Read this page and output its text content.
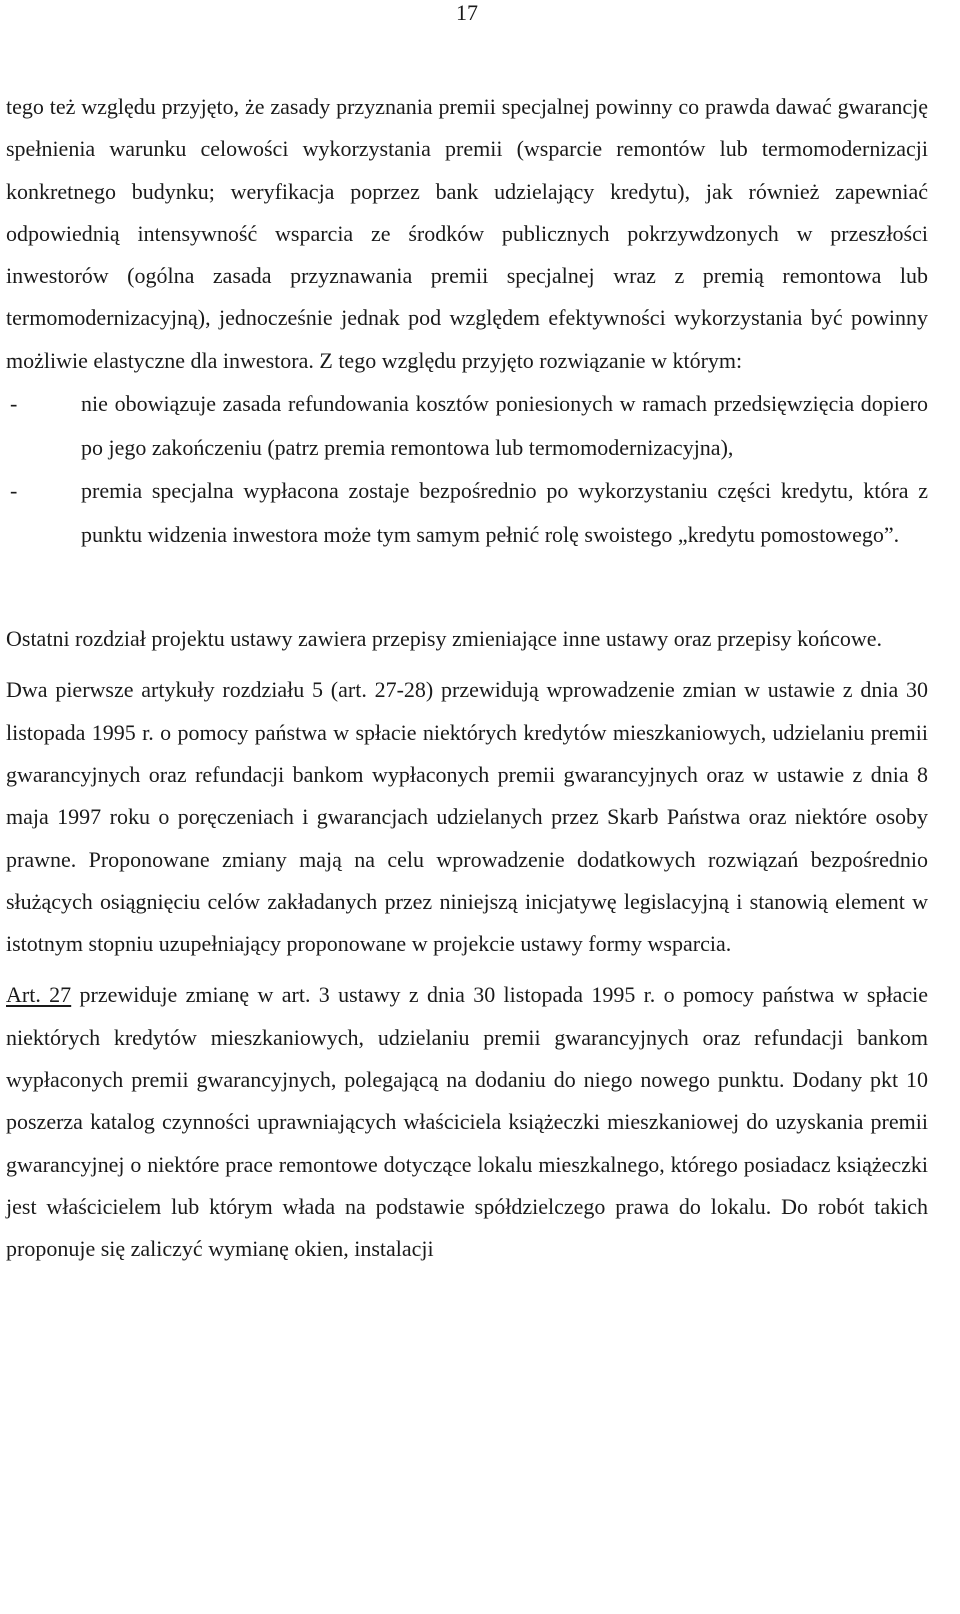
17

tego też względu przyjęto, że zasady przyznania premii specjalnej powinny co prawda dawać gwarancję spełnienia warunku celowości wykorzystania premii (wsparcie remontów lub termomodernizacji konkretnego budynku; weryfikacja poprzez bank udzielający kredytu), jak również zapewniać odpowiednią intensywność wsparcia ze środków publicznych pokrzywdzonych w przeszłości inwestorów (ogólna zasada przyznawania premii specjalnej wraz z premią remontowa lub termomodernizacyjną), jednocześnie jednak pod względem efektywności wykorzystania być powinny możliwie elastyczne dla inwestora. Z tego względu przyjęto rozwiązanie w którym:

-	nie obowiązuje zasada refundowania kosztów poniesionych w ramach przedsięwzięcia dopiero po jego zakończeniu (patrz premia remontowa lub termomodernizacyjna),
-	premia specjalna wypłacona zostaje bezpośrednio po wykorzystaniu części kredytu, która z punktu widzenia inwestora może tym samym pełnić rolę swoistego „kredytu pomostowego”.

Ostatni rozdział projektu ustawy zawiera przepisy zmieniające inne ustawy oraz przepisy końcowe.

Dwa pierwsze artykuły rozdziału 5 (art. 27-28) przewidują wprowadzenie zmian w ustawie z dnia 30 listopada 1995 r. o pomocy państwa w spłacie niektórych kredytów mieszkaniowych, udzielaniu premii gwarancyjnych oraz refundacji bankom wypłaconych premii gwarancyjnych oraz w ustawie z dnia 8 maja 1997 roku o poręczeniach i gwarancjach udzielanych przez Skarb Państwa oraz niektóre osoby prawne. Proponowane zmiany mają na celu wprowadzenie dodatkowych rozwiązań bezpośrednio służących osiągnięciu celów zakładanych przez niniejszą inicjatywę legislacyjną i stanowią element w istotnym stopniu uzupełniający proponowane w projekcie ustawy formy wsparcia.

Art. 27 przewiduje zmianę w art. 3 ustawy z dnia 30 listopada 1995 r. o pomocy państwa w spłacie niektórych kredytów mieszkaniowych, udzielaniu premii gwarancyjnych oraz refundacji bankom wypłaconych premii gwarancyjnych, polegającą na dodaniu do niego nowego punktu. Dodany pkt 10 poszerza katalog czynności uprawniających właściciela książeczki mieszkaniowej do uzyskania premii gwarancyjnej o niektóre prace remontowe dotyczące lokalu mieszkalnego, którego posiadacz książeczki jest właścicielem lub którym włada na podstawie spółdzielczego prawa do lokalu. Do robót takich proponuje się zaliczyć wymianę okien, instalacji
